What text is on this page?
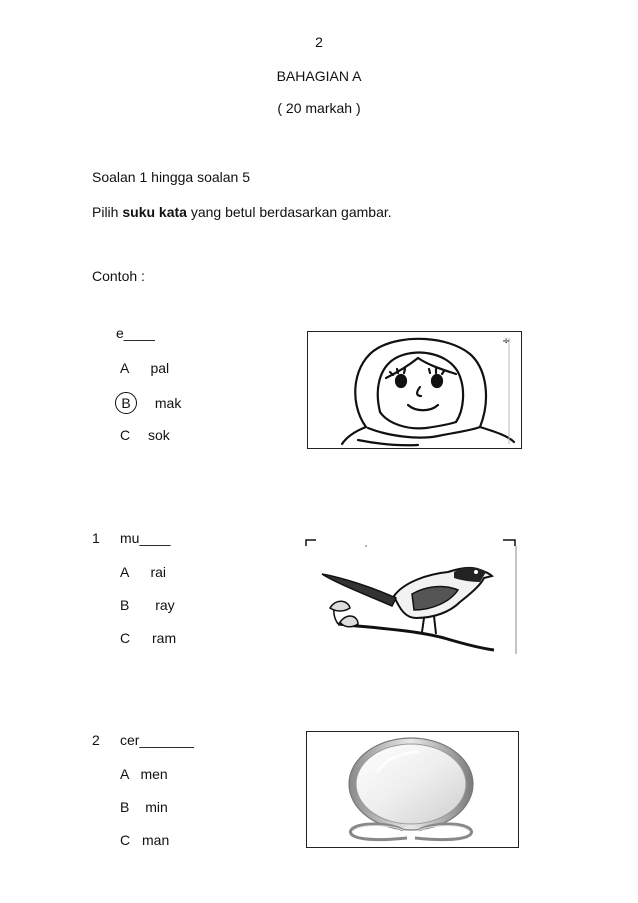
2
BAHAGIAN A
( 20 markah )
Soalan 1 hingga soalan 5
Pilih suku kata yang betul berdasarkan gambar.
Contoh :
e____
A pal
B mak
C sok
÷
1 mu____
A rai
B ray
C ram
2 cer_______
A men
B min
C man
